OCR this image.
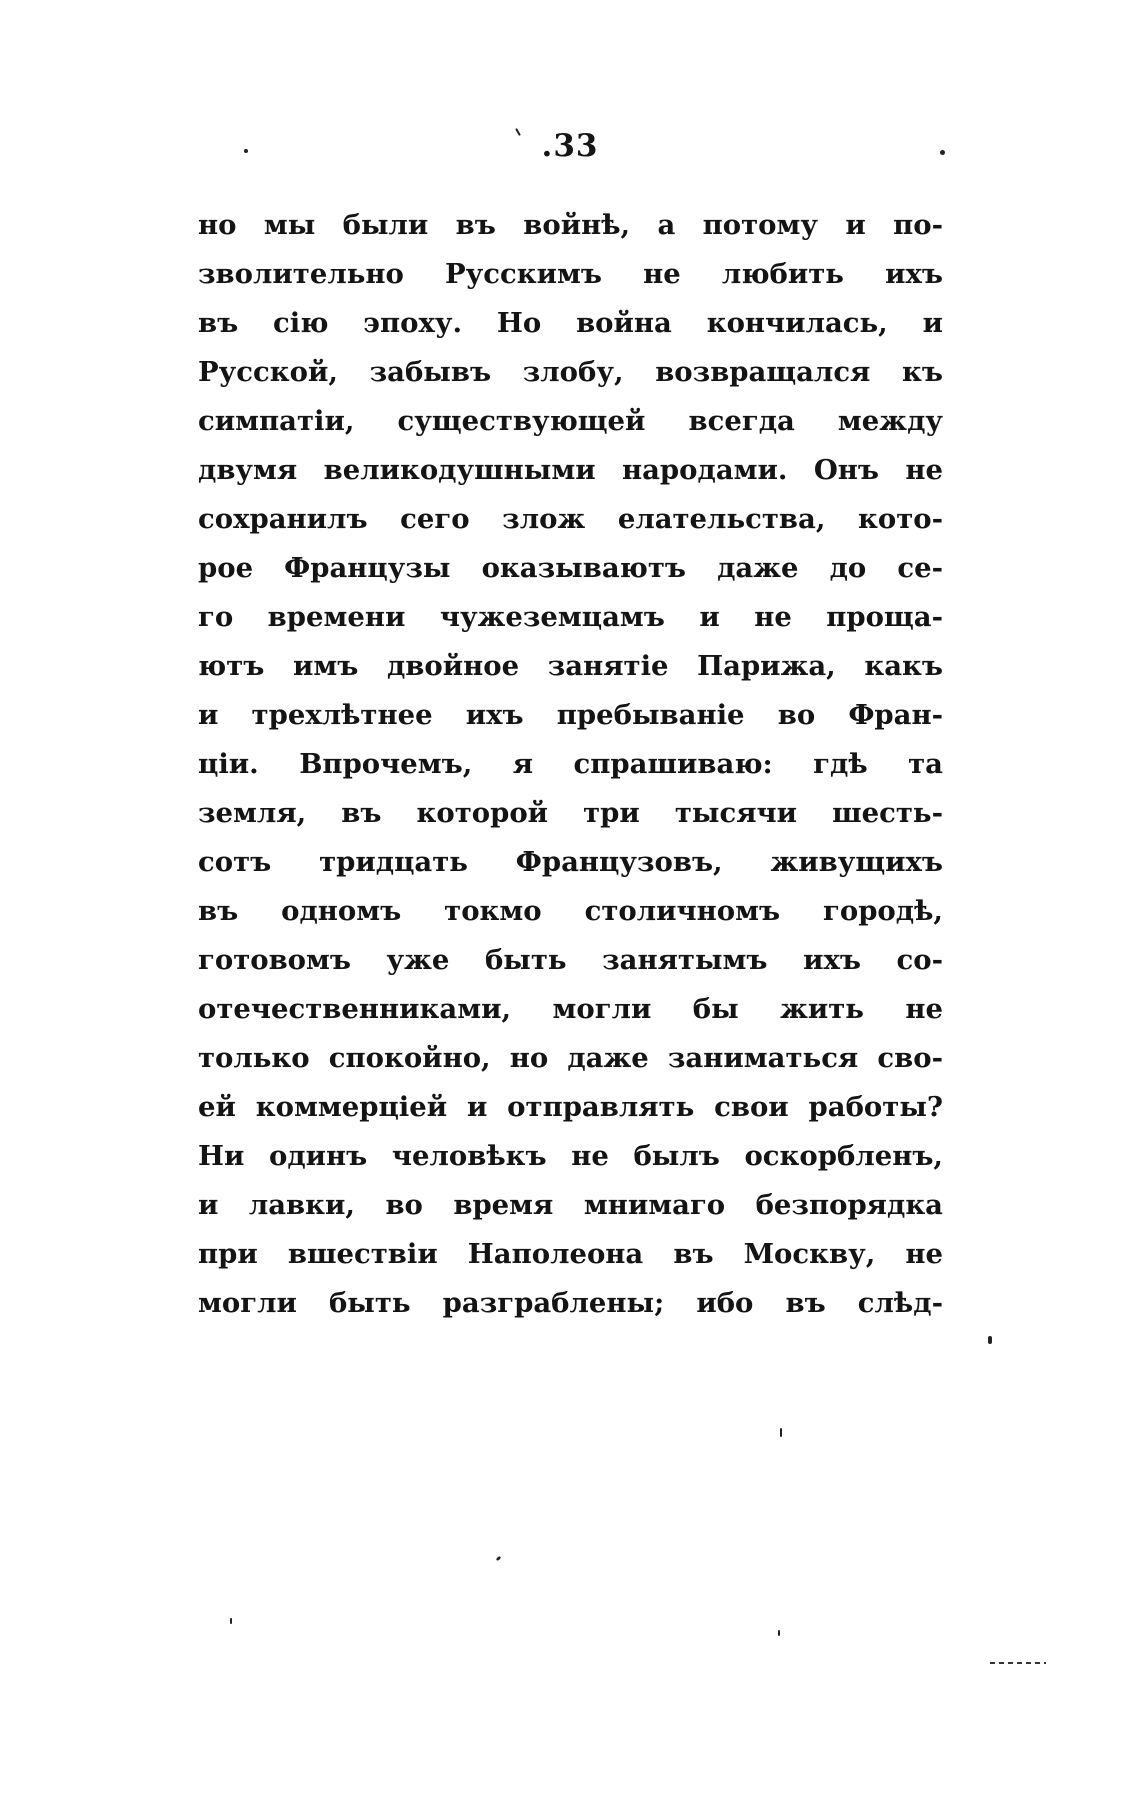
.33
но мы были въ войнѣ, а потому и по-
зволительно Русскимъ не любить ихъ
въ сію эпоху. Но война кончилась, и
Русской, забывъ злобу, возвращался къ
симпатіи, существующей всегда между
двумя великодушными народами. Онъ не
сохранилъ сего злож елательства, кото-
рое Французы оказываютъ даже до се-
го времени чужеземцамъ и не проща-
ютъ имъ двойное занятіе Парижа, какъ
и трехлѣтнее ихъ пребываніе во Фран-
ціи. Впрочемъ, я спрашиваю: гдѣ та
земля, въ которой три тысячи шесть-
сотъ тридцать Французовъ, живущихъ
въ одномъ токмо столичномъ городѣ,
готовомъ уже быть занятымъ ихъ со-
отечественниками, могли бы жить не
только спокойно, но даже заниматься сво-
ей коммерціей и отправлять свои работы?
Ни одинъ человѣкъ не былъ оскорбленъ,
и лавки, во время мнимаго безпорядка
при вшествіи Наполеона въ Москву, не
могли быть разграблены; ибо въ слѣд-
